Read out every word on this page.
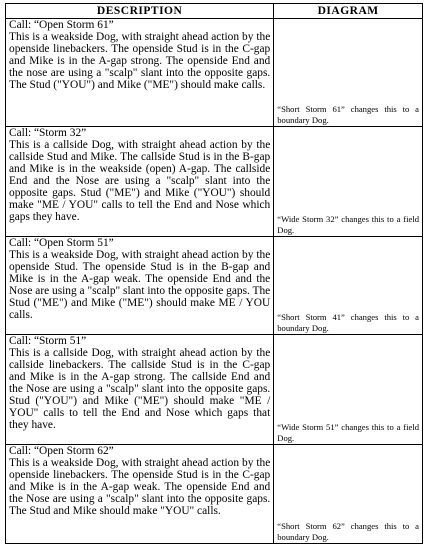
DESCRIPTION	DIAGRAM

Call: “Open Storm 61”
This is a weakside Dog, with straight ahead action by the openside linebackers. The openside Stud is in the C-gap and Mike is in the A-gap strong. The openside End and the nose are using a "scalp" slant into the opposite gaps. The Stud ("YOU") and Mike ("ME") should make calls.	“Short Storm 61” changes this to a boundary Dog.

Call: “Storm 32”
This is a callside Dog, with straight ahead action by the callside Stud and Mike. The callside Stud is in the B-gap and Mike is in the weakside (open) A-gap. The callside End and the Nose are using a "scalp" slant into the opposite gaps. Stud ("ME") and Mike ("YOU") should make "ME / YOU" calls to tell the End and Nose which gaps they have.	“Wide Storm 32” changes this to a field Dog.

Call: “Open Storm 51”
This is a weakside Dog, with straight ahead action by the openside Stud. The openside Stud is in the B-gap and Mike is in the A-gap weak. The openside End and the Nose are using a "scalp" slant into the opposite gaps. The Stud ("ME") and Mike ("ME") should make ME / YOU calls.	“Short Storm 41” changes this to a boundary Dog.

Call: “Storm 51”
This is a callside Dog, with straight ahead action by the callside linebackers. The callside Stud is in the C-gap and Mike is in the A-gap strong. The callside End and the Nose are using a "scalp" slant into the opposite gaps. Stud ("YOU") and Mike ("ME") should make "ME / YOU" calls to tell the End and Nose which gaps that they have.	“Wide Storm 51” changes this to a field Dog.

Call: “Open Storm 62”
This is a weakside Dog, with straight ahead action by the openside linebackers. The openside Stud is in the C-gap and Mike is in the A-gap weak. The openside End and the Nose are using a "scalp" slant into the opposite gaps. The Stud and Mike should make "YOU" calls.	“Short Storm 62” changes this to a boundary Dog.
